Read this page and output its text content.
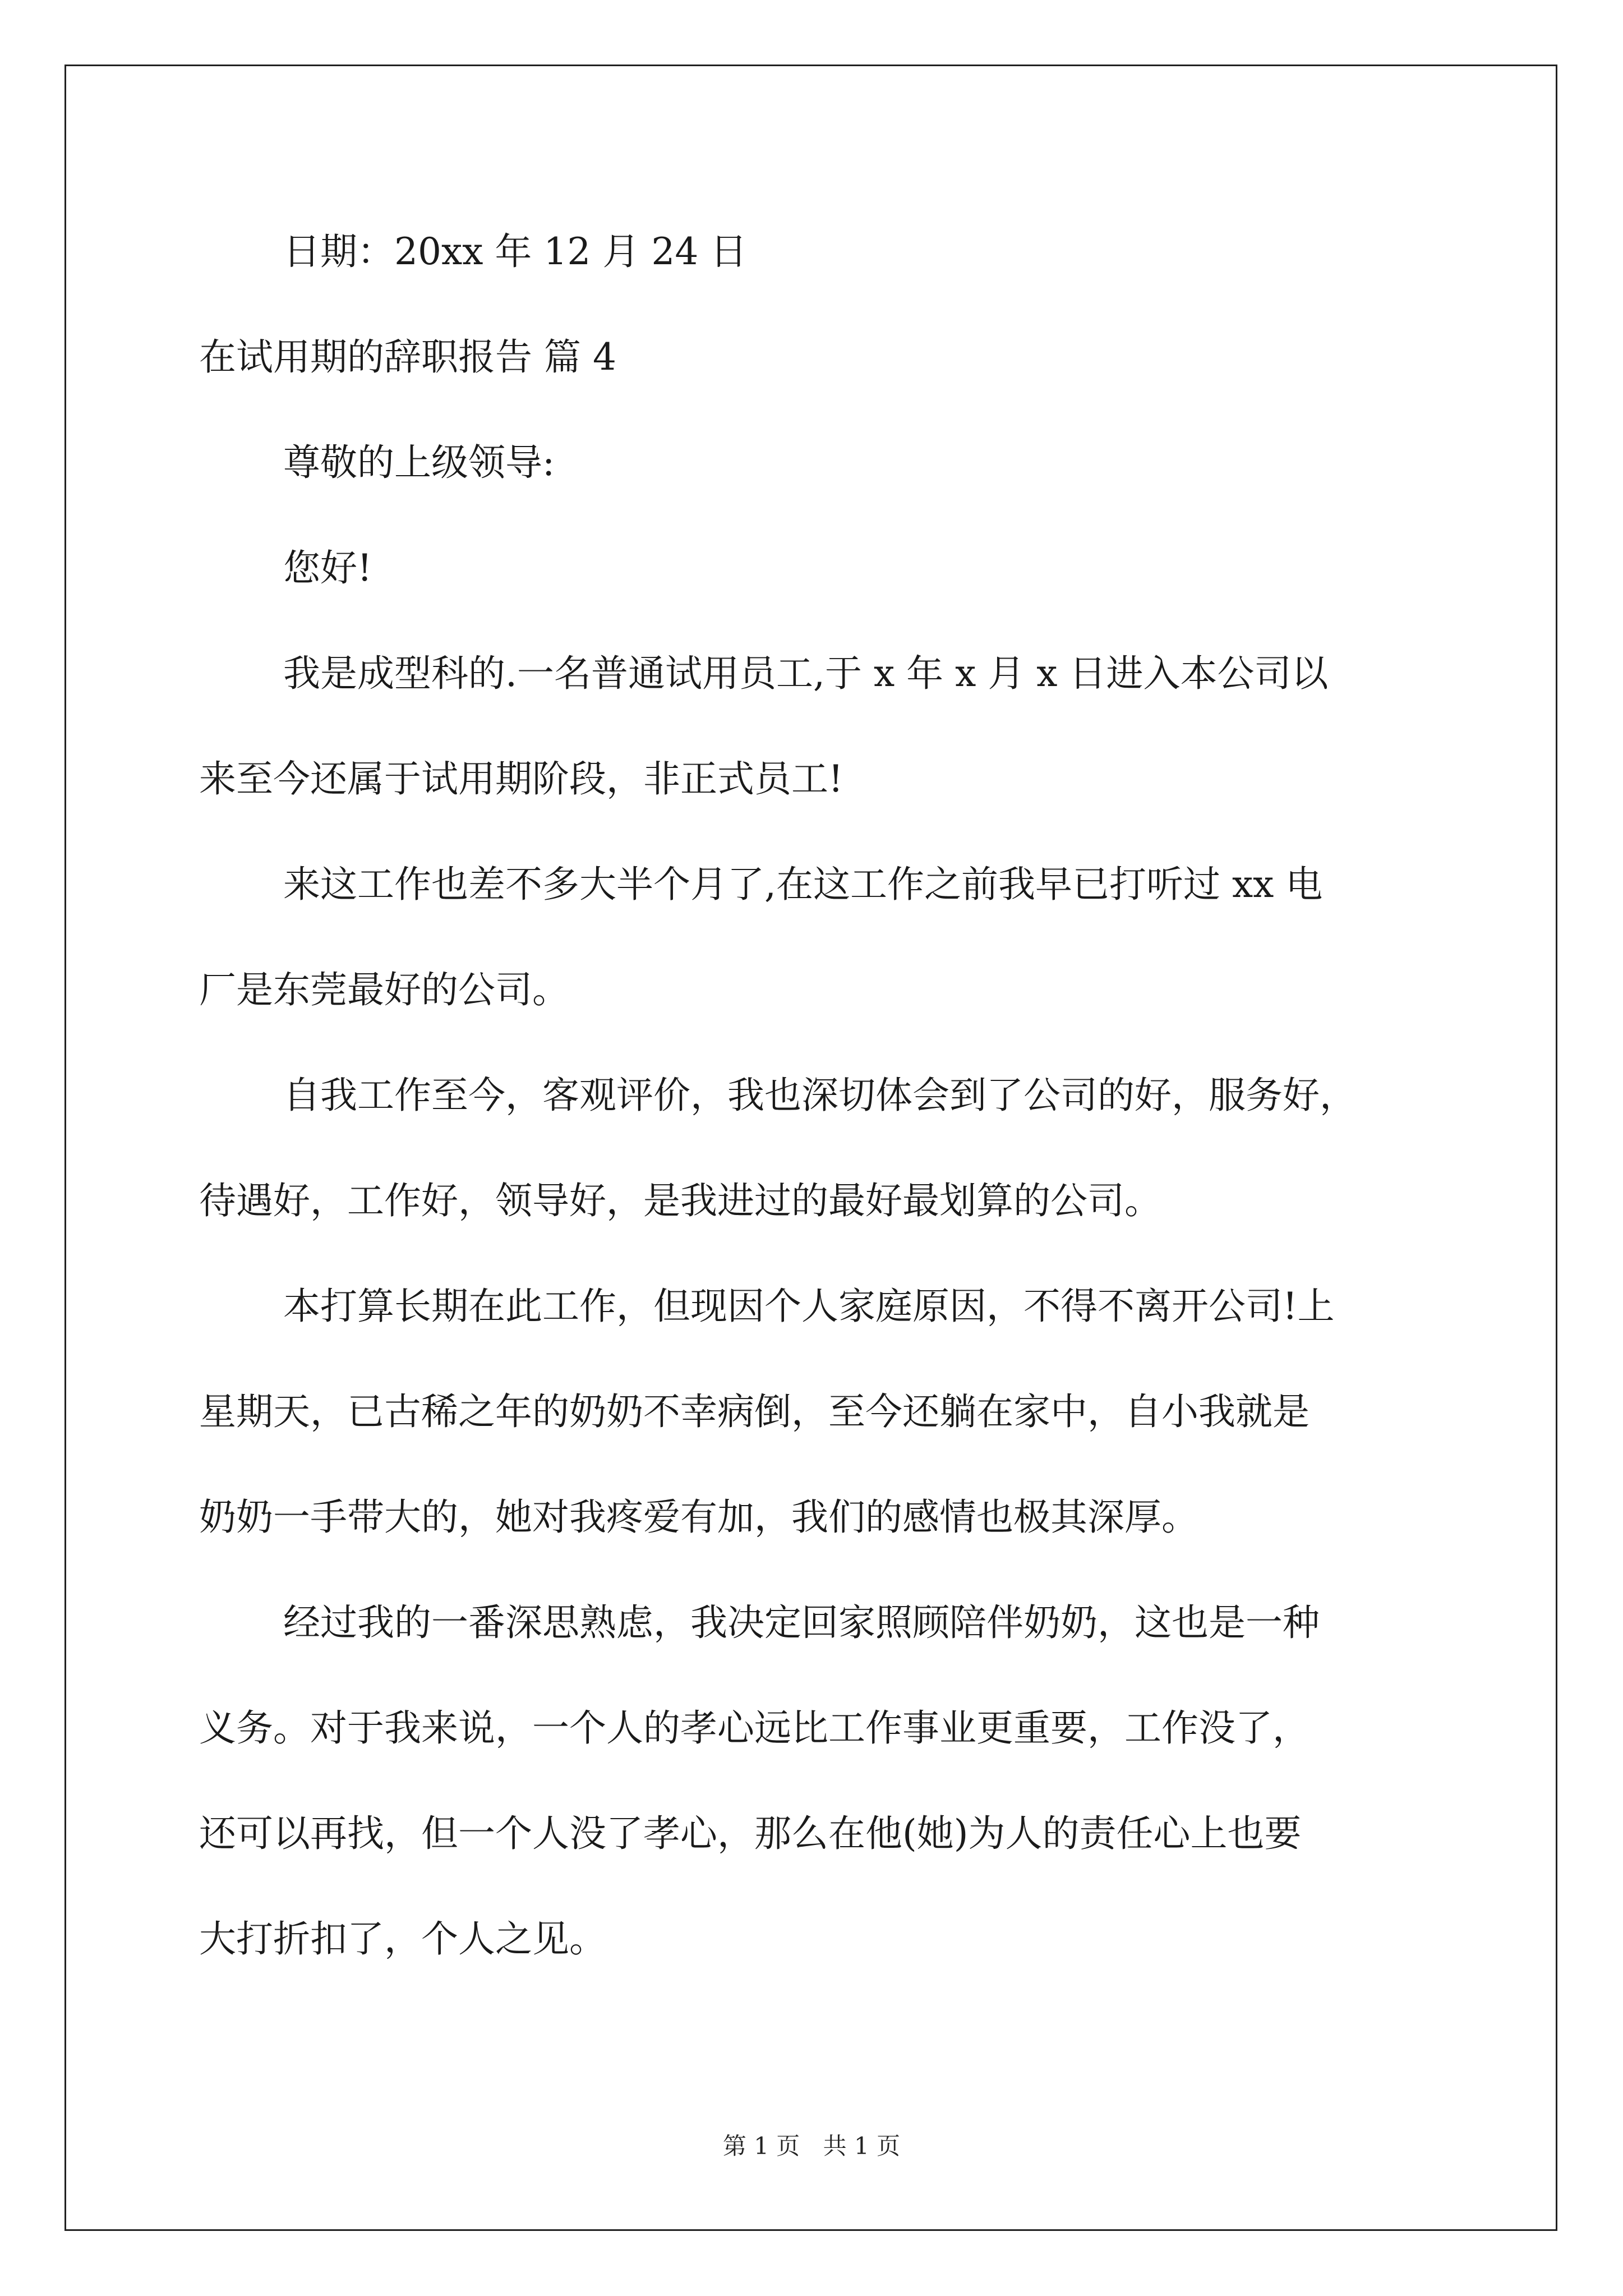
日期：20xx 年 12 月 24 日
在试用期的辞职报告 篇 4
尊敬的上级领导:
您好!
我是成型科的.一名普通试用员工,于 x 年 x 月 x 日进入本公司以
来至今还属于试用期阶段，非正式员工!
来这工作也差不多大半个月了,在这工作之前我早已打听过 xx 电
厂是东莞最好的公司。
自我工作至今，客观评价，我也深切体会到了公司的好，服务好，
待遇好，工作好，领导好，是我进过的最好最划算的公司。
本打算长期在此工作，但现因个人家庭原因，不得不离开公司!上
星期天，已古稀之年的奶奶不幸病倒，至今还躺在家中，自小我就是
奶奶一手带大的，她对我疼爱有加，我们的感情也极其深厚。
经过我的一番深思熟虑，我决定回家照顾陪伴奶奶，这也是一种
义务。对于我来说，一个人的孝心远比工作事业更重要，工作没了，
还可以再找，但一个人没了孝心，那么在他(她)为人的责任心上也要
大打折扣了，个人之见。
第 1 页 共 1 页
